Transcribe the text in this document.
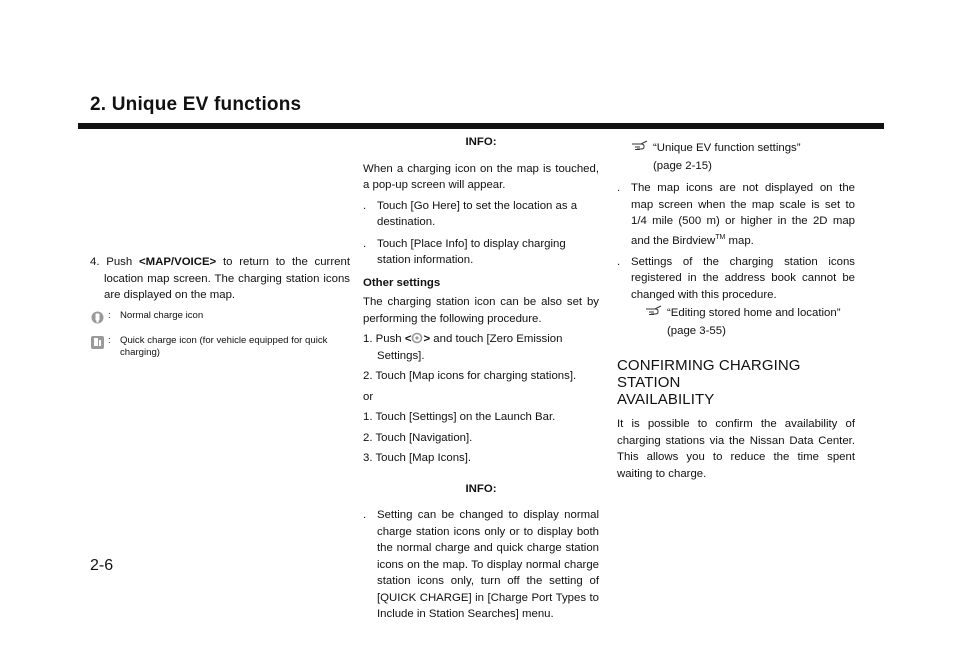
2. Unique EV functions

4. Push <MAP/VOICE> to return to the current location map screen. The charging station icons are displayed on the map.

: Normal charge icon
: Quick charge icon (for vehicle equipped for quick charging)

INFO:

When a charging icon on the map is touched, a pop-up screen will appear.

. Touch [Go Here] to set the location as a destination.

. Touch [Place Info] to display charging station information.

Other settings

The charging station icon can be also set by performing the following procedure.

1. Push < > and touch [Zero Emission Settings].

2. Touch [Map icons for charging stations].

or

1. Touch [Settings] on the Launch Bar.

2. Touch [Navigation].

3. Touch [Map Icons].

INFO:

. Setting can be changed to display normal charge station icons only or to display both the normal charge and quick charge station icons on the map. To display normal charge station icons only, turn off the setting of [QUICK CHARGE] in [Charge Port Types to Include in Station Searches] menu.

“Unique EV function settings”
(page 2-15)

. The map icons are not displayed on the map screen when the map scale is set to 1/4 mile (500 m) or higher in the 2D map and the Birdview™ map.

. Settings of the charging station icons registered in the address book cannot be changed with this procedure.

“Editing stored home and location”
(page 3-55)
CONFIRMING CHARGING STATION
AVAILABILITY

It is possible to confirm the availability of charging stations via the Nissan Data Center. This allows you to reduce the time spent waiting to charge.

2-6
